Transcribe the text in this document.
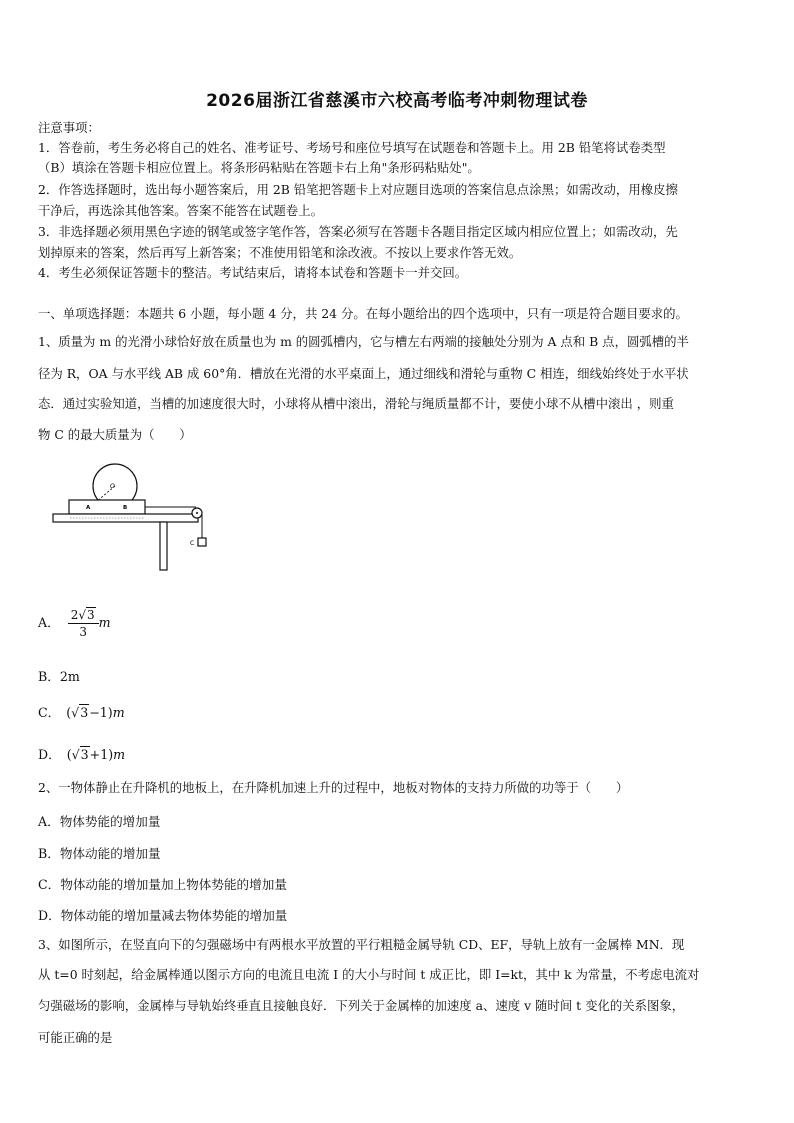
2026届浙江省慈溪市六校高考临考冲刺物理试卷
注意事项：
1．答卷前，考生务必将自己的姓名、准考证号、考场号和座位号填写在试题卷和答题卡上。用 2B 铅笔将试卷类型
（B）填涂在答题卡相应位置上。将条形码粘贴在答题卡右上角"条形码粘贴处"。
2．作答选择题时，选出每小题答案后，用 2B 铅笔把答题卡上对应题目选项的答案信息点涂黑；如需改动，用橡皮擦
干净后，再选涂其他答案。答案不能答在试题卷上。
3．非选择题必须用黑色字迹的钢笔或签字笔作答，答案必须写在答题卡各题目指定区域内相应位置上；如需改动，先
划掉原来的答案，然后再写上新答案；不准使用铅笔和涂改液。不按以上要求作答无效。
4．考生必须保证答题卡的整洁。考试结束后，请将本试卷和答题卡一并交回。
一、单项选择题：本题共 6 小题，每小题 4 分，共 24 分。在每小题给出的四个选项中，只有一项是符合题目要求的。
1、质量为 m 的光滑小球恰好放在质量也为 m 的圆弧槽内，它与槽左右两端的接触处分别为 A 点和 B 点，圆弧槽的半
径为 R，OA 与水平线 AB 成 60°角．槽放在光滑的水平桌面上，通过细线和滑轮与重物 C 相连，细线始终处于水平状
态．通过实验知道，当槽的加速度很大时，小球将从槽中滚出，滑轮与绳质量都不计，要使小球不从槽中滚出 ，则重
物 C 的最大质量为（　　）
O
A	B
C
A． $\frac{2√3}{3}$ m
B．2m
C． (√3−1)m
D． (√3+1)m
2、一物体静止在升降机的地板上，在升降机加速上升的过程中，地板对物体的支持力所做的功等于（　　）
A．物体势能的增加量
B．物体动能的增加量
C．物体动能的增加量加上物体势能的增加量
D．物体动能的增加量减去物体势能的增加量
3、如图所示，在竖直向下的匀强磁场中有两根水平放置的平行粗糙金属导轨 CD、EF，导轨上放有一金属棒 MN．现
从 t=0 时刻起，给金属棒通以图示方向的电流且电流 I 的大小与时间 t 成正比，即 I=kt，其中 k 为常量，不考虑电流对
匀强磁场的影响，金属棒与导轨始终垂直且接触良好．下列关于金属棒的加速度 a、速度 v 随时间 t 变化的关系图象，
可能正确的是
